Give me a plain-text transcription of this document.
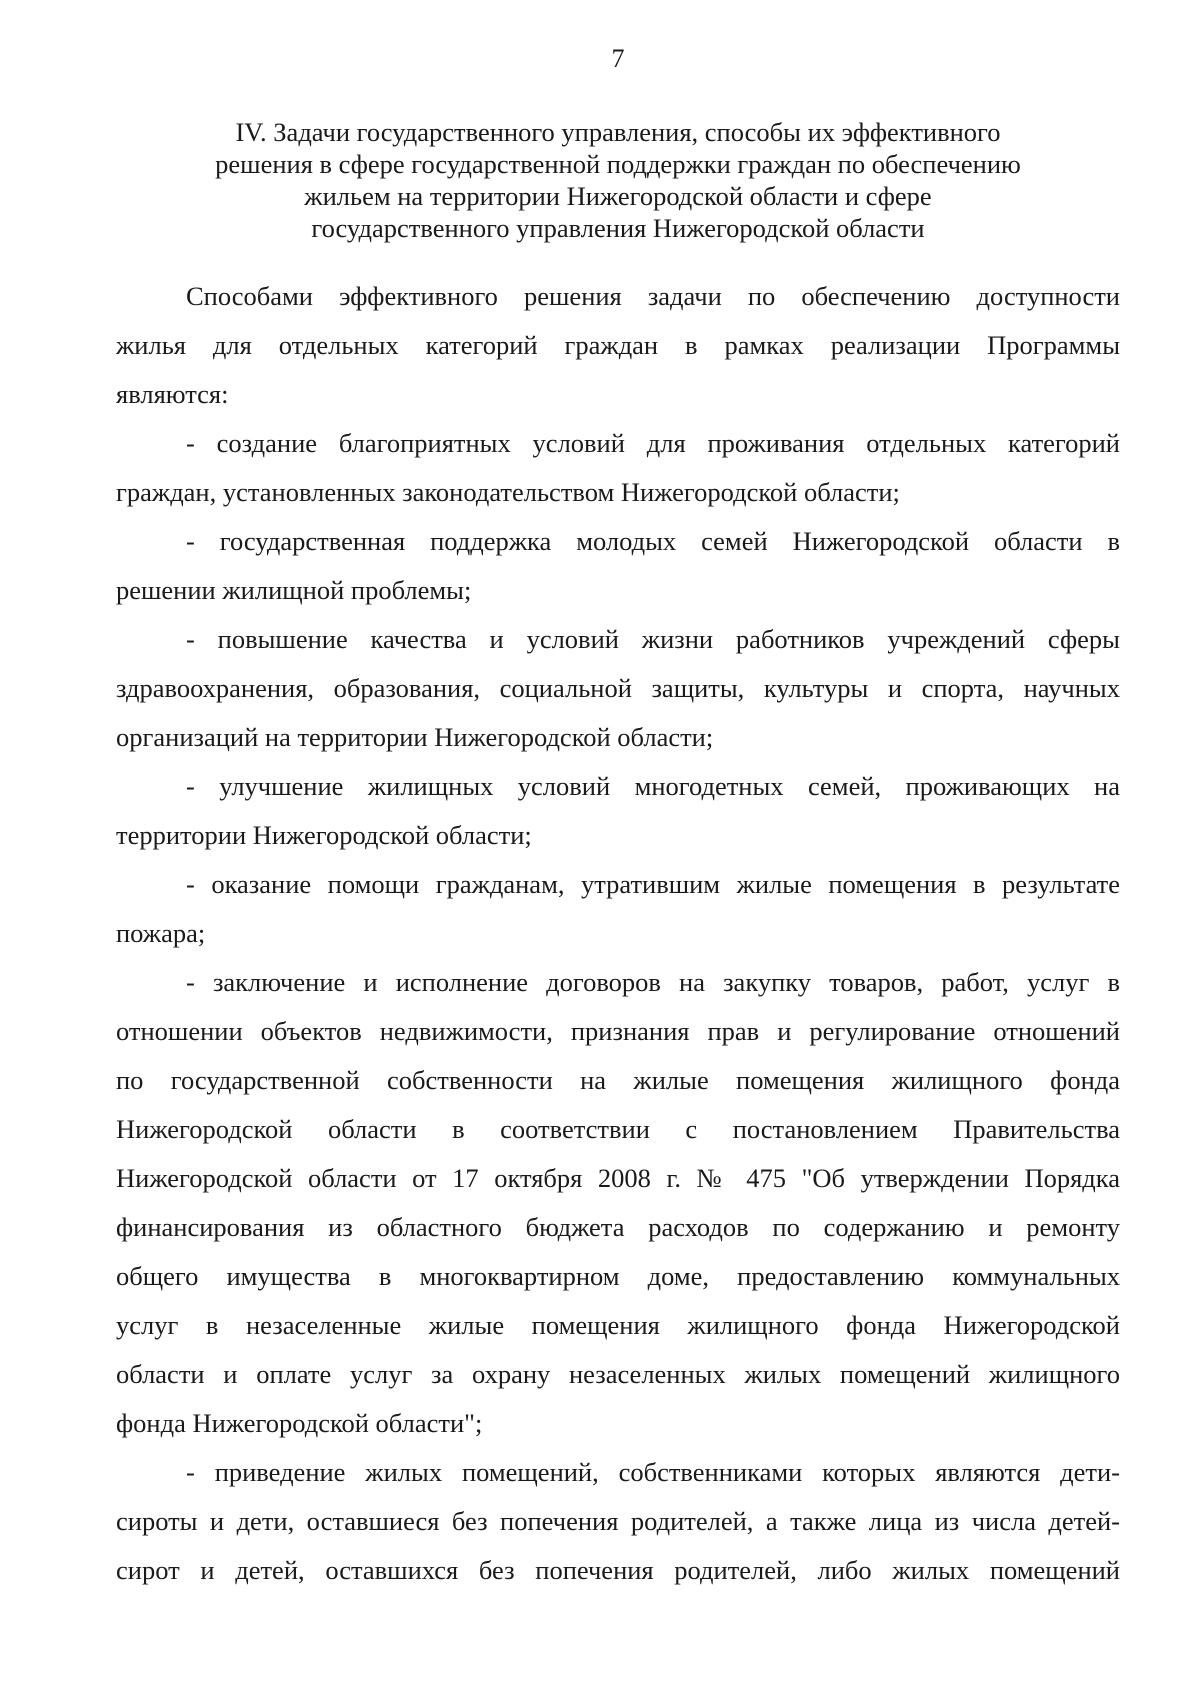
7
IV. Задачи государственного управления, способы их эффективного
решения в сфере государственной поддержки граждан по обеспечению
жильем на территории Нижегородской области и сфере
государственного управления Нижегородской области
Способами эффективного решения задачи по обеспечению доступности
жилья для отдельных категорий граждан в рамках реализации Программы
являются:
- создание благоприятных условий для проживания отдельных категорий
граждан, установленных законодательством Нижегородской области;
- государственная поддержка молодых семей Нижегородской области в
решении жилищной проблемы;
- повышение качества и условий жизни работников учреждений сферы
здравоохранения, образования, социальной защиты, культуры и спорта, научных
организаций на территории Нижегородской области;
- улучшение жилищных условий многодетных семей, проживающих на
территории Нижегородской области;
- оказание помощи гражданам, утратившим жилые помещения в результате
пожара;
- заключение и исполнение договоров на закупку товаров, работ, услуг в
отношении объектов недвижимости, признания прав и регулирование отношений
по государственной собственности на жилые помещения жилищного фонда
Нижегородской области в соответствии с постановлением Правительства
Нижегородской области от 17 октября 2008 г. № 475 "Об утверждении Порядка
финансирования из областного бюджета расходов по содержанию и ремонту
общего имущества в многоквартирном доме, предоставлению коммунальных
услуг в незаселенные жилые помещения жилищного фонда Нижегородской
области и оплате услуг за охрану незаселенных жилых помещений жилищного
фонда Нижегородской области";
- приведение жилых помещений, собственниками которых являются дети-
сироты и дети, оставшиеся без попечения родителей, а также лица из числа детей-
сирот и детей, оставшихся без попечения родителей, либо жилых помещений
